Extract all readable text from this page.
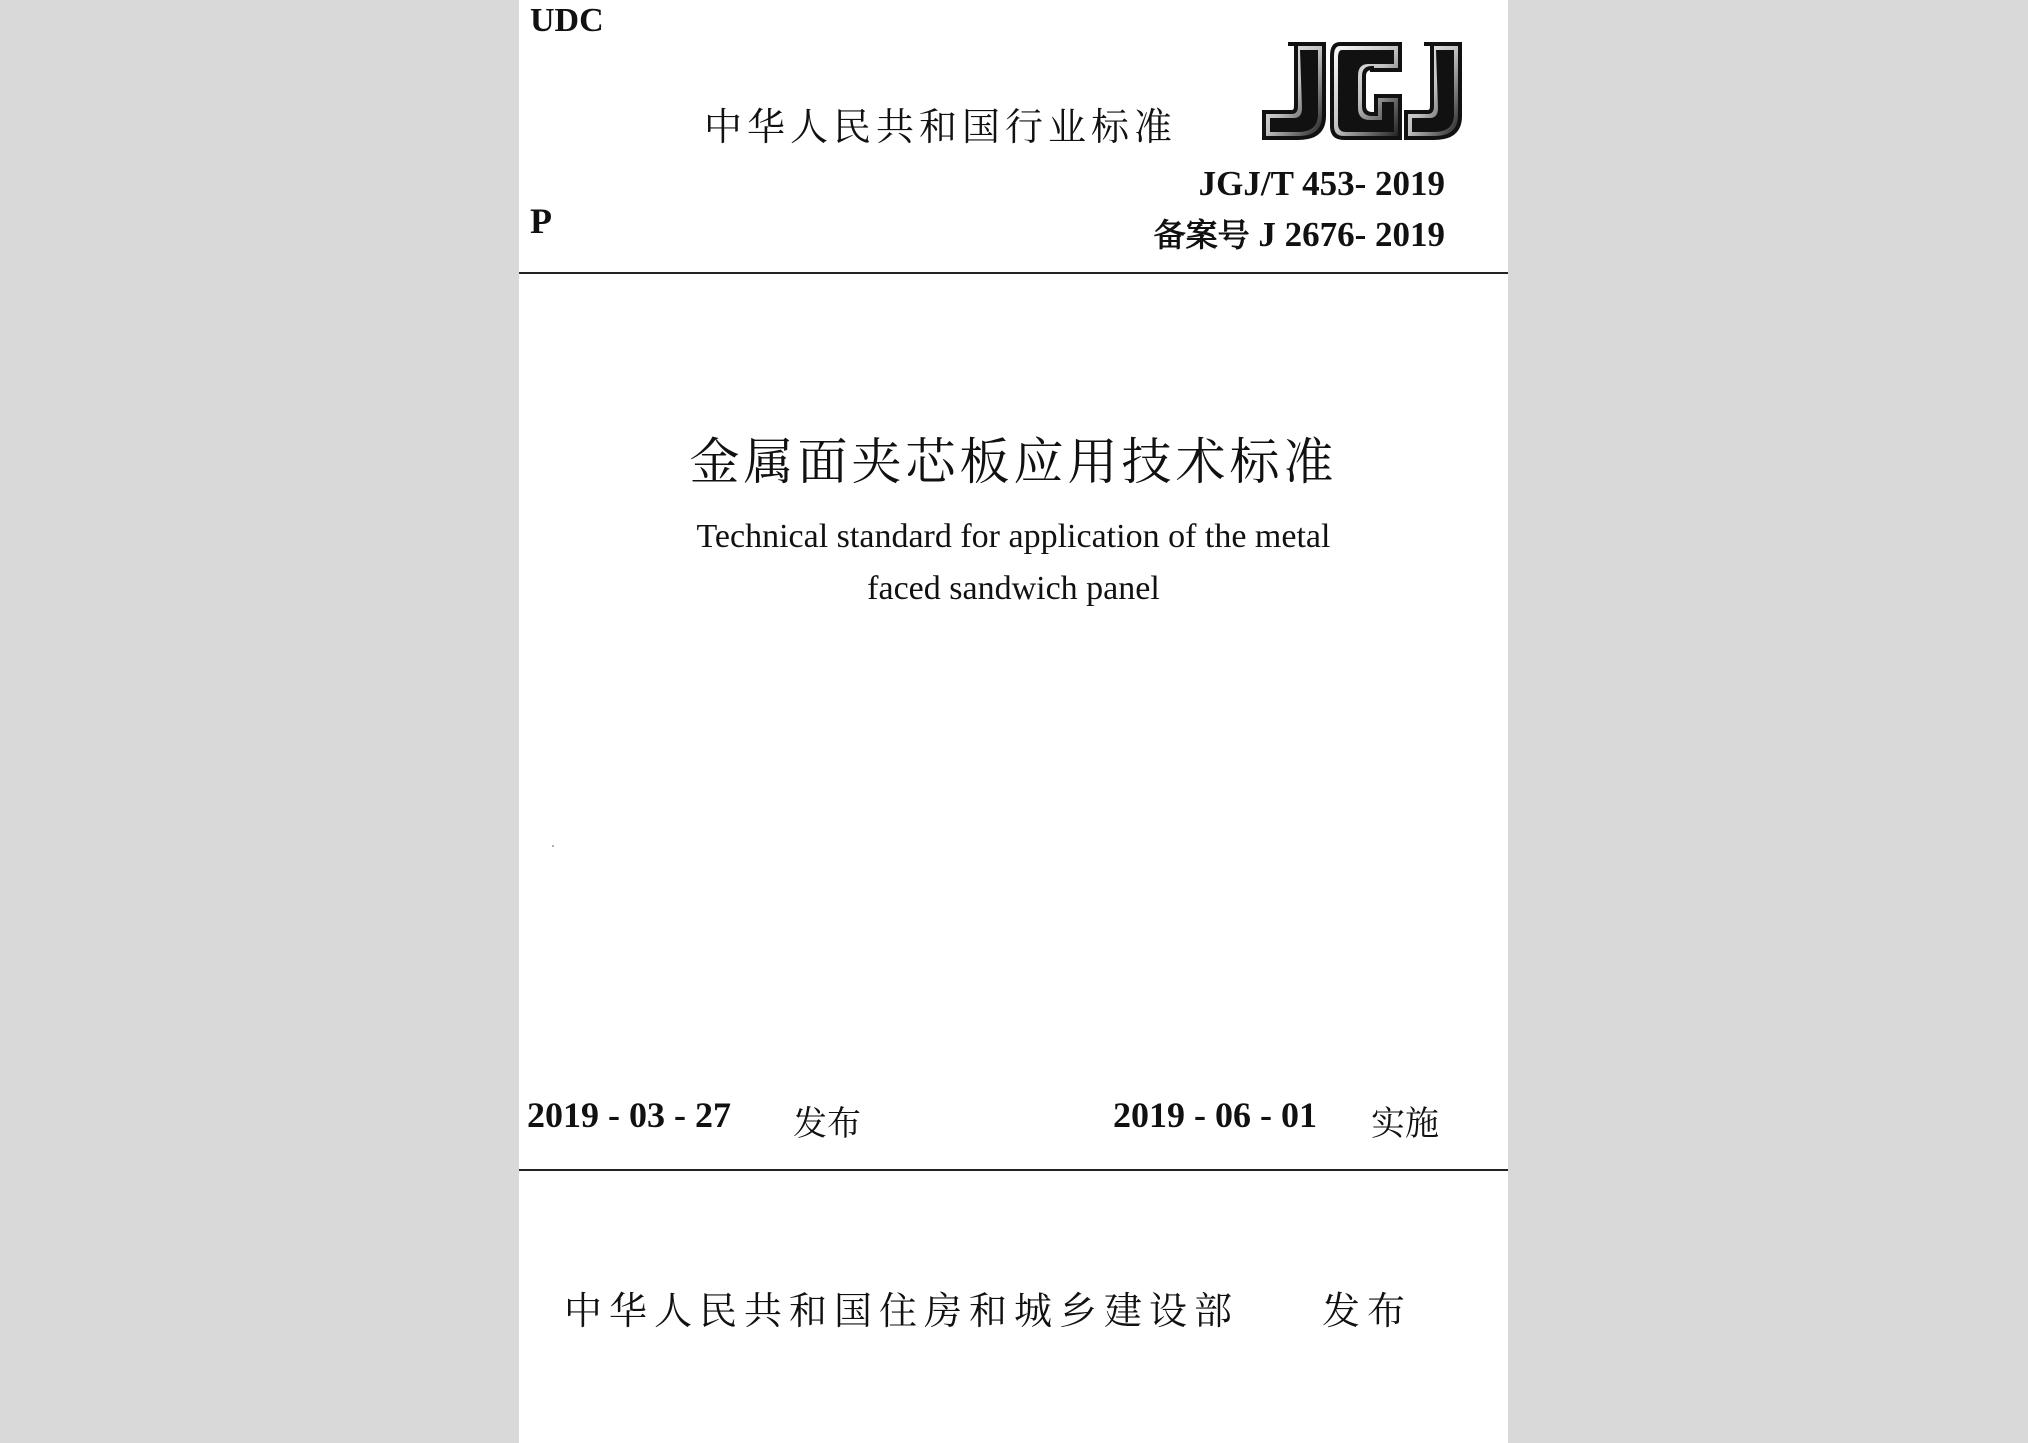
UDC
中华人民共和国行业标准
JGJ/T 453- 2019
备案号 J 2676- 2019
P
金属面夹芯板应用技术标准
Technical standard for application of the metal
faced sandwich panel
2019 - 03 - 27 发布	2019 - 06 - 01 实施
中华人民共和国住房和城乡建设部 发布
